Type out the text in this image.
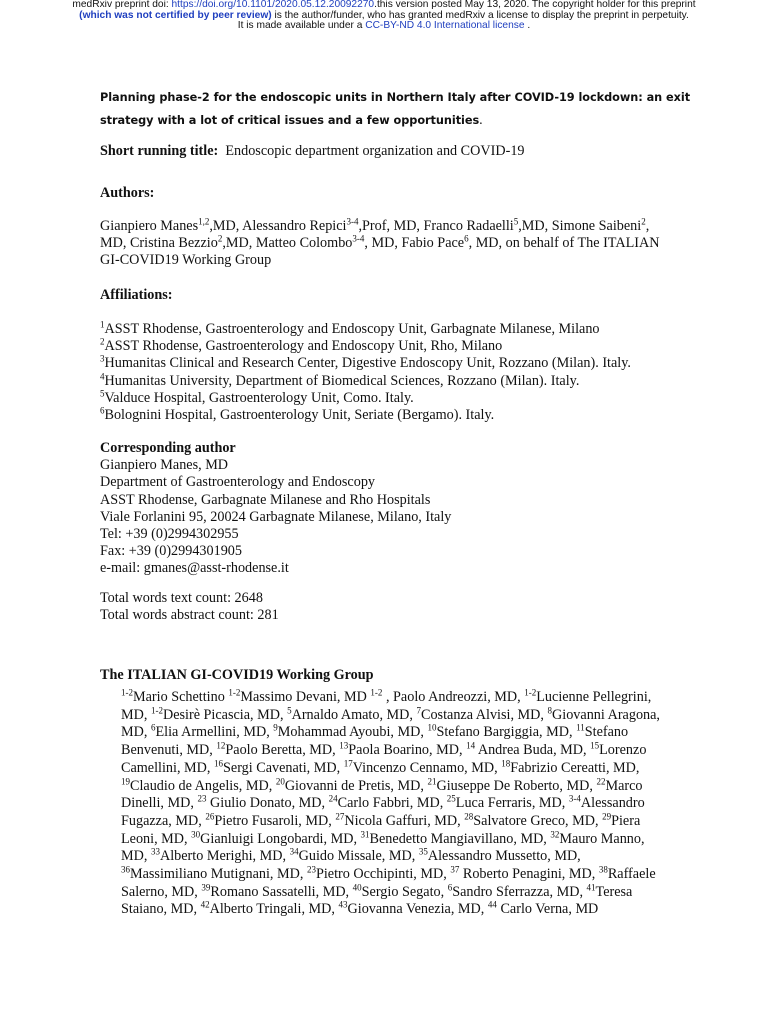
medRxiv preprint doi: https://doi.org/10.1101/2020.05.12.20092270.this version posted May 13, 2020. The copyright holder for this preprint
(which was not certified by peer review) is the author/funder, who has granted medRxiv a license to display the preprint in perpetuity.
It is made available under a CC-BY-ND 4.0 International license .
Planning phase-2 for the endoscopic units in Northern Italy after COVID-19 lockdown: an exit
strategy with a lot of critical issues and a few opportunities.
Short running title: Endoscopic department organization and COVID-19
Authors:
Gianpiero Manes$^{1,2}$,MD, Alessandro Repici$^{3-4}$,Prof, MD, Franco Radaelli$^5$,MD, Simone Saibeni$^2$,
MD, Cristina Bezzio$^2$,MD, Matteo Colombo$^{3-4}$, MD, Fabio Pace$^6$, MD, on behalf of The ITALIAN
GI-COVID19 Working Group
Affiliations:
$^1$ASST Rhodense, Gastroenterology and Endoscopy Unit, Garbagnate Milanese, Milano
$^2$ASST Rhodense, Gastroenterology and Endoscopy Unit, Rho, Milano
$^3$Humanitas Clinical and Research Center, Digestive Endoscopy Unit, Rozzano (Milan). Italy.
$^4$Humanitas University, Department of Biomedical Sciences, Rozzano (Milan). Italy.
$^5$Valduce Hospital, Gastroenterology Unit, Como. Italy.
$^6$Bolognini Hospital, Gastroenterology Unit, Seriate (Bergamo). Italy.
Corresponding author
Gianpiero Manes, MD
Department of Gastroenterology and Endoscopy
ASST Rhodense, Garbagnate Milanese and Rho Hospitals
Viale Forlanini 95, 20024 Garbagnate Milanese, Milano, Italy
Tel: +39 (0)2994302955
Fax: +39 (0)2994301905
e-mail: gmanes@asst-rhodense.it
Total words text count: 2648
Total words abstract count: 281
The ITALIAN GI-COVID19 Working Group
$^{1-2}$Mario Schettino $^{1-2}$Massimo Devani, MD $^{1-2}$ , Paolo Andreozzi, MD, $^{1-2}$Lucienne Pellegrini,
MD, $^{1-2}$Desirè Picascia, MD, $^5$Arnaldo Amato, MD, $^7$Costanza Alvisi, MD, $^8$Giovanni Aragona,
MD, $^6$Elia Armellini, MD, $^9$Mohammad Ayoubi, MD, $^{10}$Stefano Bargiggia, MD, $^{11}$Stefano
Benvenuti, MD, $^{12}$Paolo Beretta, MD, $^{13}$Paola Boarino, MD, $^{14}$ Andrea Buda, MD, $^{15}$Lorenzo
Camellini, MD, $^{16}$Sergi Cavenati, MD, $^{17}$Vincenzo Cennamo, MD, $^{18}$Fabrizio Cereatti, MD,
$^{19}$Claudio de Angelis, MD, $^{20}$Giovanni de Pretis, MD, $^{21}$Giuseppe De Roberto, MD, $^{22}$Marco
Dinelli, MD, $^{23}$ Giulio Donato, MD, $^{24}$Carlo Fabbri, MD, $^{25}$Luca Ferraris, MD, $^{3-4}$Alessandro
Fugazza, MD, $^{26}$Pietro Fusaroli, MD, $^{27}$Nicola Gaffuri, MD, $^{28}$Salvatore Greco, MD, $^{29}$Piera
Leoni, MD, $^{30}$Gianluigi Longobardi, MD, $^{31}$Benedetto Mangiavillano, MD, $^{32}$Mauro Manno,
MD, $^{33}$Alberto Merighi, MD, $^{34}$Guido Missale, MD, $^{35}$Alessandro Mussetto, MD,
$^{36}$Massimiliano Mutignani, MD, $^{23}$Pietro Occhipinti, MD, $^{37}$ Roberto Penagini, MD, $^{38}$Raffaele
Salerno, MD, $^{39}$Romano Sassatelli, MD, $^{40}$Sergio Segato, $^6$Sandro Sferrazza, MD, $^{41}$Teresa
Staiano, MD, $^{42}$Alberto Tringali, MD, $^{43}$Giovanna Venezia, MD, $^{44}$ Carlo Verna, MD
